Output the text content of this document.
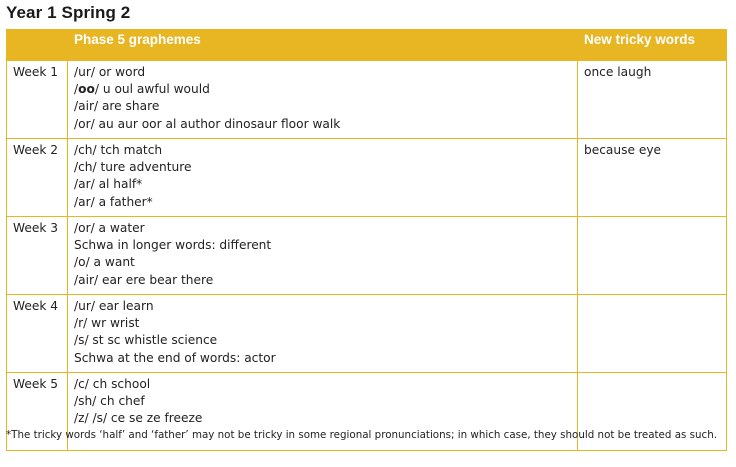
Year 1 Spring 2
	Phase 5 graphemes	New tricky words
Week 1	/ur/ or word
/oo/ u oul awful would
/air/ are share
/or/ au aur oor al author dinosaur floor walk	once laugh
Week 2	/ch/ tch match
/ch/ ture adventure
/ar/ al half*
/ar/ a father*	because eye
Week 3	/or/ a water
Schwa in longer words: different
/o/ a want
/air/ ear ere bear there	

Week 4	/ur/ ear learn
/r/ wr wrist
/s/ st sc whistle science
Schwa at the end of words: actor	

Week 5	/c/ ch school
/sh/ ch chef
/z/ /s/ ce se ze freeze	

*The tricky words ‘half’ and ‘father’ may not be tricky in some regional pronunciations; in which case, they should not be treated as such.
